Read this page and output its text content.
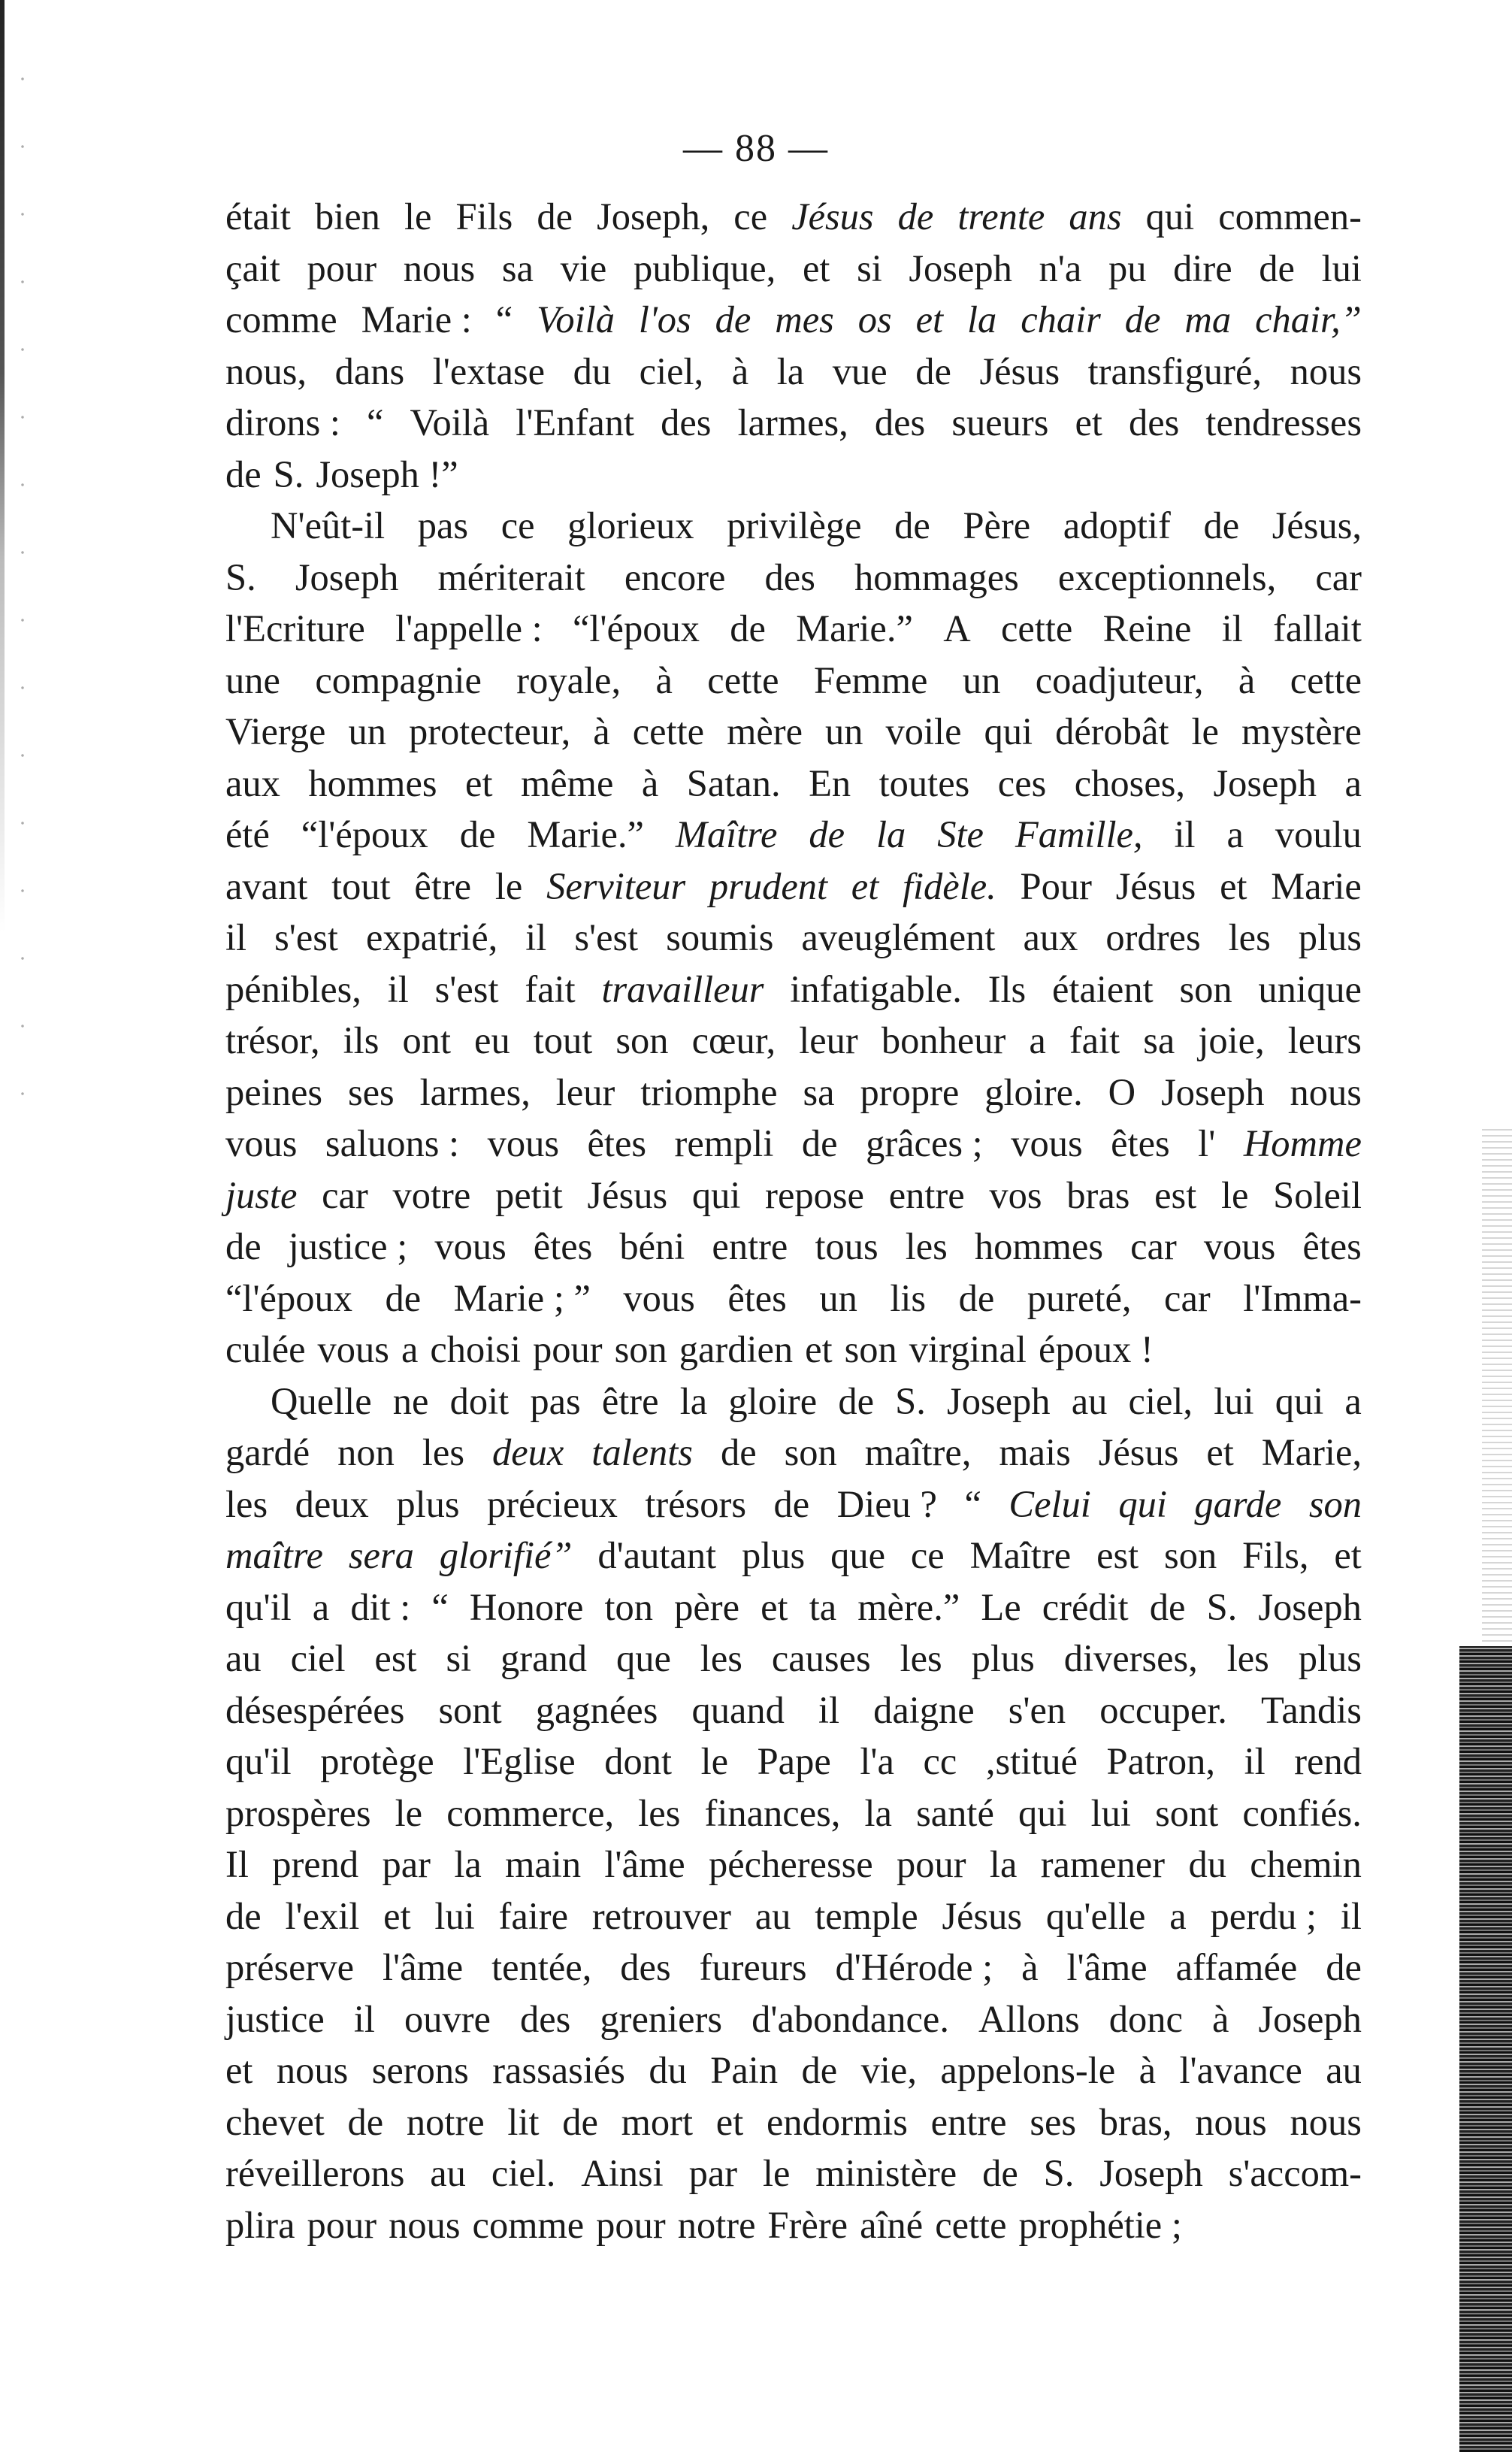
— 88 —
était bien le Fils de Joseph, ce Jésus de trente ans qui commen-
çait pour nous sa vie publique, et si Joseph n'a pu dire de lui
comme Marie : “ Voilà l'os de mes os et la chair de ma chair,”
nous, dans l'extase du ciel, à la vue de Jésus transfiguré, nous
dirons : “ Voilà l'Enfant des larmes, des sueurs et des tendresses
de S. Joseph !”
N'eût-il pas ce glorieux privilège de Père adoptif de Jésus,
S. Joseph mériterait encore des hommages exceptionnels, car
l'Ecriture l'appelle : “l'époux de Marie.” A cette Reine il fallait
une compagnie royale, à cette Femme un coadjuteur, à cette
Vierge un protecteur, à cette mère un voile qui dérobât le mystère
aux hommes et même à Satan. En toutes ces choses, Joseph a
été “l'époux de Marie.” Maître de la Ste Famille, il a voulu
avant tout être le Serviteur prudent et fidèle. Pour Jésus et Marie
il s'est expatrié, il s'est soumis aveuglément aux ordres les plus
pénibles, il s'est fait travailleur infatigable. Ils étaient son unique
trésor, ils ont eu tout son cœur, leur bonheur a fait sa joie, leurs
peines ses larmes, leur triomphe sa propre gloire. O Joseph nous
vous saluons : vous êtes rempli de grâces ; vous êtes l' Homme
juste car votre petit Jésus qui repose entre vos bras est le Soleil
de justice ; vous êtes béni entre tous les hommes car vous êtes
“l'époux de Marie ; ” vous êtes un lis de pureté, car l'Imma-
culée vous a choisi pour son gardien et son virginal époux !
Quelle ne doit pas être la gloire de S. Joseph au ciel, lui qui a
gardé non les deux talents de son maître, mais Jésus et Marie,
les deux plus précieux trésors de Dieu ? “ Celui qui garde son
maître sera glorifié” d'autant plus que ce Maître est son Fils, et
qu'il a dit : “ Honore ton père et ta mère.” Le crédit de S. Joseph
au ciel est si grand que les causes les plus diverses, les plus
désespérées sont gagnées quand il daigne s'en occuper. Tandis
qu'il protège l'Eglise dont le Pape l'a cc ,stitué Patron, il rend
prospères le commerce, les finances, la santé qui lui sont confiés.
Il prend par la main l'âme pécheresse pour la ramener du chemin
de l'exil et lui faire retrouver au temple Jésus qu'elle a perdu ; il
préserve l'âme tentée, des fureurs d'Hérode ; à l'âme affamée de
justice il ouvre des greniers d'abondance. Allons donc à Joseph
et nous serons rassasiés du Pain de vie, appelons-le à l'avance au
chevet de notre lit de mort et endormis entre ses bras, nous nous
réveillerons au ciel. Ainsi par le ministère de S. Joseph s'accom-
plira pour nous comme pour notre Frère aîné cette prophétie ;
